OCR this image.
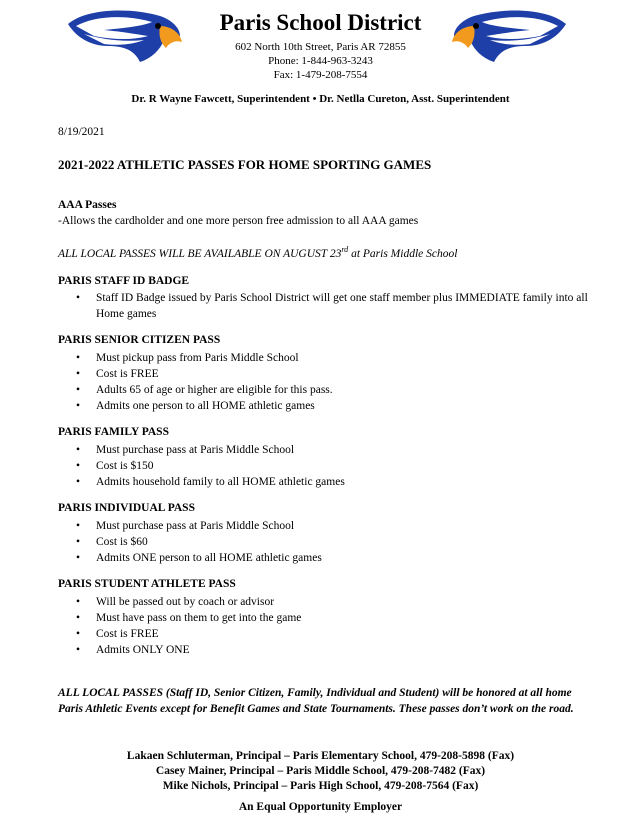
Paris School District
602 North 10th Street, Paris AR 72855
Phone: 1-844-963-3243
Fax: 1-479-208-7554
Dr. R Wayne Fawcett, Superintendent • Dr. Netlla Cureton, Asst. Superintendent
8/19/2021
2021-2022 ATHLETIC PASSES FOR HOME SPORTING GAMES
AAA Passes
-Allows the cardholder and one more person free admission to all AAA games
ALL LOCAL PASSES WILL BE AVAILABLE ON AUGUST 23rd at Paris Middle School
PARIS STAFF ID BADGE
• Staff ID Badge issued by Paris School District will get one staff member plus IMMEDIATE family into all Home games
PARIS SENIOR CITIZEN PASS
• Must pickup pass from Paris Middle School
• Cost is FREE
• Adults 65 of age or higher are eligible for this pass.
• Admits one person to all HOME athletic games
PARIS FAMILY PASS
• Must purchase pass at Paris Middle School
• Cost is $150
• Admits household family to all HOME athletic games
PARIS INDIVIDUAL PASS
• Must purchase pass at Paris Middle School
• Cost is $60
• Admits ONE person to all HOME athletic games
PARIS STUDENT ATHLETE PASS
• Will be passed out by coach or advisor
• Must have pass on them to get into the game
• Cost is FREE
• Admits ONLY ONE
ALL LOCAL PASSES (Staff ID, Senior Citizen, Family, Individual and Student) will be honored at all home Paris Athletic Events except for Benefit Games and State Tournaments. These passes don’t work on the road.
Lakaen Schluterman, Principal – Paris Elementary School, 479-208-5898 (Fax)
Casey Mainer, Principal – Paris Middle School, 479-208-7482 (Fax)
Mike Nichols, Principal – Paris High School, 479-208-7564 (Fax)
An Equal Opportunity Employer
